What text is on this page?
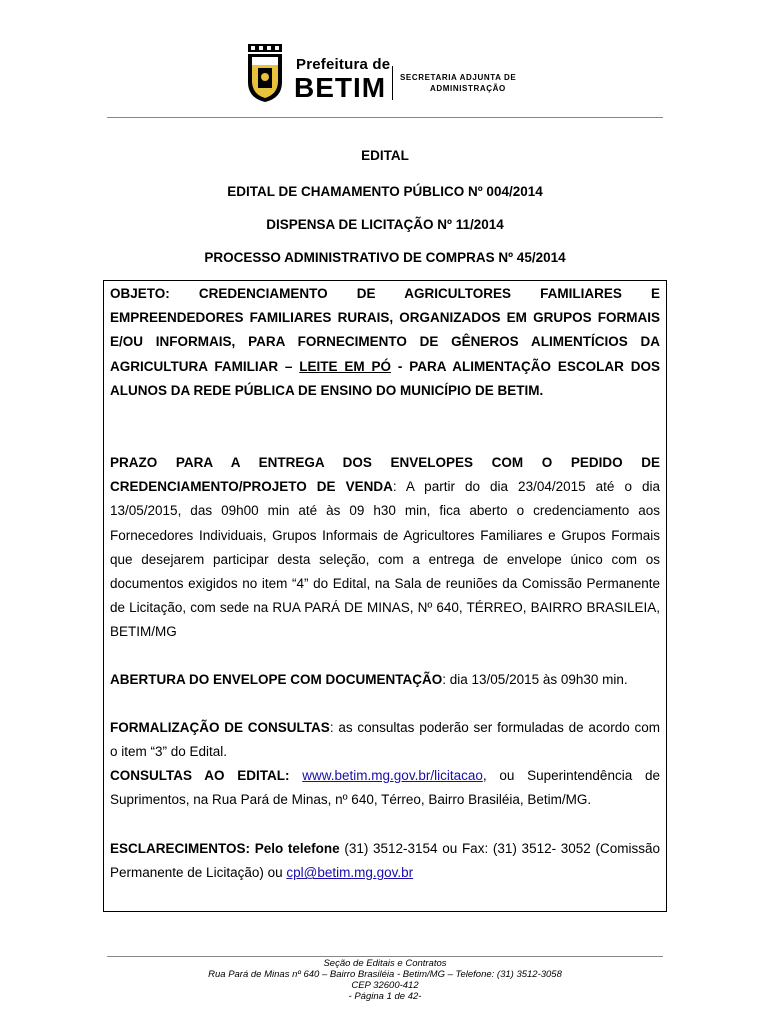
Prefeitura de
BETIM SECRETARIA ADJUNTA DE
ADMINISTRAÇÃO
EDITAL
EDITAL DE CHAMAMENTO PÚBLICO Nº 004/2014
DISPENSA DE LICITAÇÃO Nº 11/2014
PROCESSO ADMINISTRATIVO DE COMPRAS Nº 45/2014
OBJETO: CREDENCIAMENTO DE AGRICULTORES FAMILIARES E EMPREENDEDORES FAMILIARES RURAIS, ORGANIZADOS EM GRUPOS FORMAIS E/OU INFORMAIS, PARA FORNECIMENTO DE GÊNEROS ALIMENTÍCIOS DA AGRICULTURA FAMILIAR – LEITE EM PÓ - PARA ALIMENTAÇÃO ESCOLAR DOS ALUNOS DA REDE PÚBLICA DE ENSINO DO MUNICÍPIO DE BETIM.
PRAZO PARA A ENTREGA DOS ENVELOPES COM O PEDIDO DE CREDENCIAMENTO/PROJETO DE VENDA: A partir do dia 23/04/2015 até o dia 13/05/2015, das 09h00 min até às 09 h30 min, fica aberto o credenciamento aos Fornecedores Individuais, Grupos Informais de Agricultores Familiares e Grupos Formais que desejarem participar desta seleção, com a entrega de envelope único com os documentos exigidos no item “4” do Edital, na Sala de reuniões da Comissão Permanente de Licitação, com sede na RUA PARÁ DE MINAS, Nº 640, TÉRREO, BAIRRO BRASILEIA, BETIM/MG
ABERTURA DO ENVELOPE COM DOCUMENTAÇÃO: dia 13/05/2015 às 09h30 min.
FORMALIZAÇÃO DE CONSULTAS: as consultas poderão ser formuladas de acordo com o item “3” do Edital.
CONSULTAS AO EDITAL: www.betim.mg.gov.br/licitacao, ou Superintendência de Suprimentos, na Rua Pará de Minas, nº 640, Térreo, Bairro Brasiléia, Betim/MG.
ESCLARECIMENTOS: Pelo telefone (31) 3512-3154 ou Fax: (31) 3512- 3052 (Comissão Permanente de Licitação) ou cpl@betim.mg.gov.br
Seção de Editais e Contratos
Rua Pará de Minas nº 640 – Bairro Brasiléia - Betim/MG – Telefone: (31) 3512-3058
CEP 32600-412
- Página 1 de 42-
